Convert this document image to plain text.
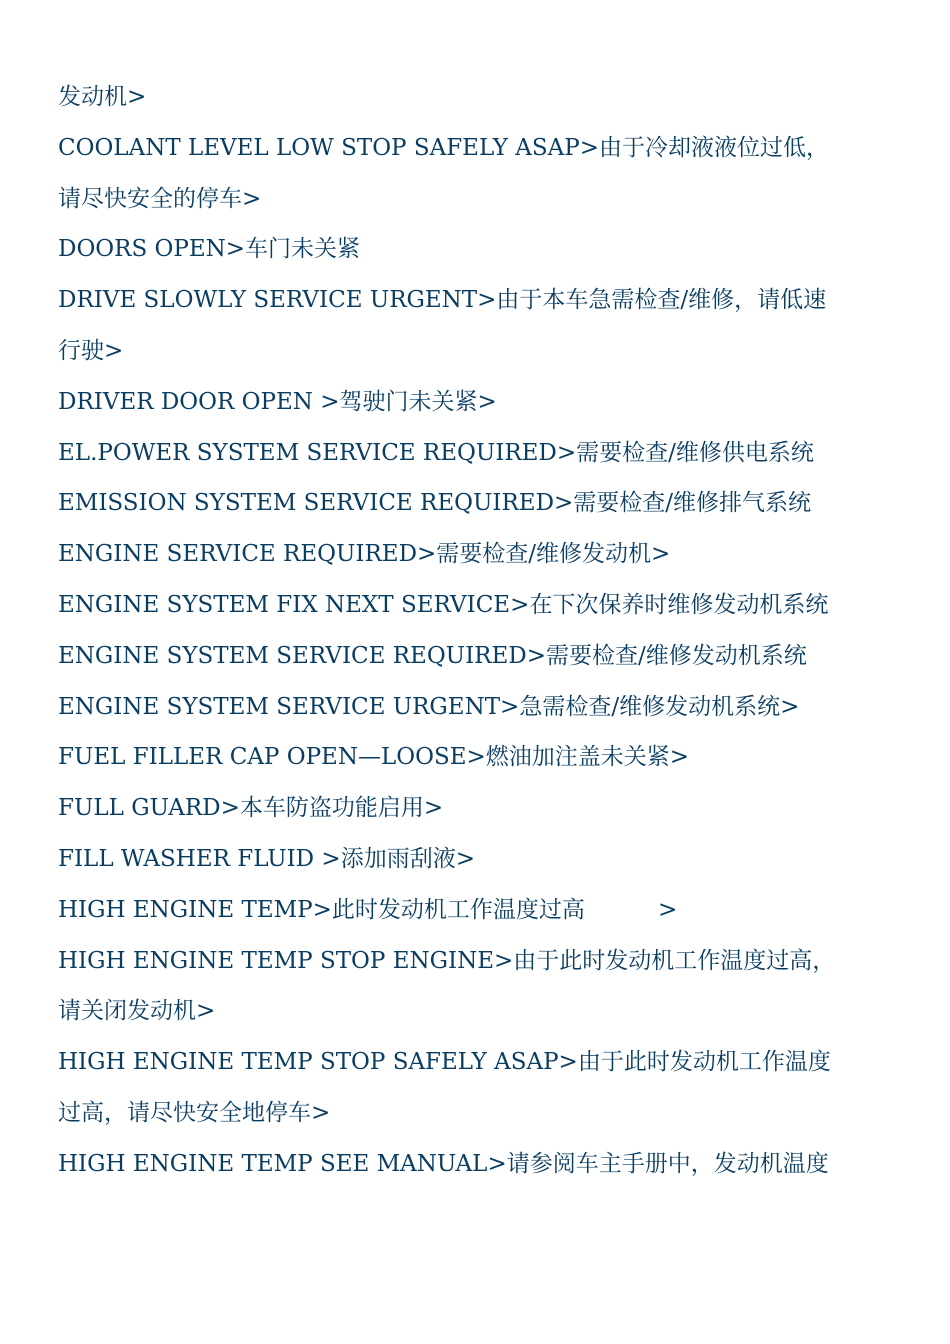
发动机>
COOLANT LEVEL LOW STOP SAFELY ASAP>由于冷却液液位过低，
请尽快安全的停车>
DOORS OPEN>车门未关紧
DRIVE SLOWLY SERVICE URGENT>由于本车急需检查/维修，请低速
行驶>
DRIVER DOOR OPEN >驾驶门未关紧>
EL.POWER SYSTEM SERVICE REQUIRED>需要检查/维修供电系统
EMISSION SYSTEM SERVICE REQUIRED>需要检查/维修排气系统
ENGINE SERVICE REQUIRED>需要检查/维修发动机>
ENGINE SYSTEM FIX NEXT SERVICE>在下次保养时维修发动机系统
ENGINE SYSTEM SERVICE REQUIRED>需要检查/维修发动机系统
ENGINE SYSTEM SERVICE URGENT>急需检查/维修发动机系统>
FUEL FILLER CAP OPEN—LOOSE>燃油加注盖未关紧>
FULL GUARD>本车防盗功能启用>
FILL WASHER FLUID >添加雨刮液>
HIGH ENGINE TEMP>此时发动机工作温度过高          >
HIGH ENGINE TEMP STOP ENGINE>由于此时发动机工作温度过高，
请关闭发动机>
HIGH ENGINE TEMP STOP SAFELY ASAP>由于此时发动机工作温度
过高，请尽快安全地停车>
HIGH ENGINE TEMP SEE MANUAL>请参阅车主手册中，发动机温度
